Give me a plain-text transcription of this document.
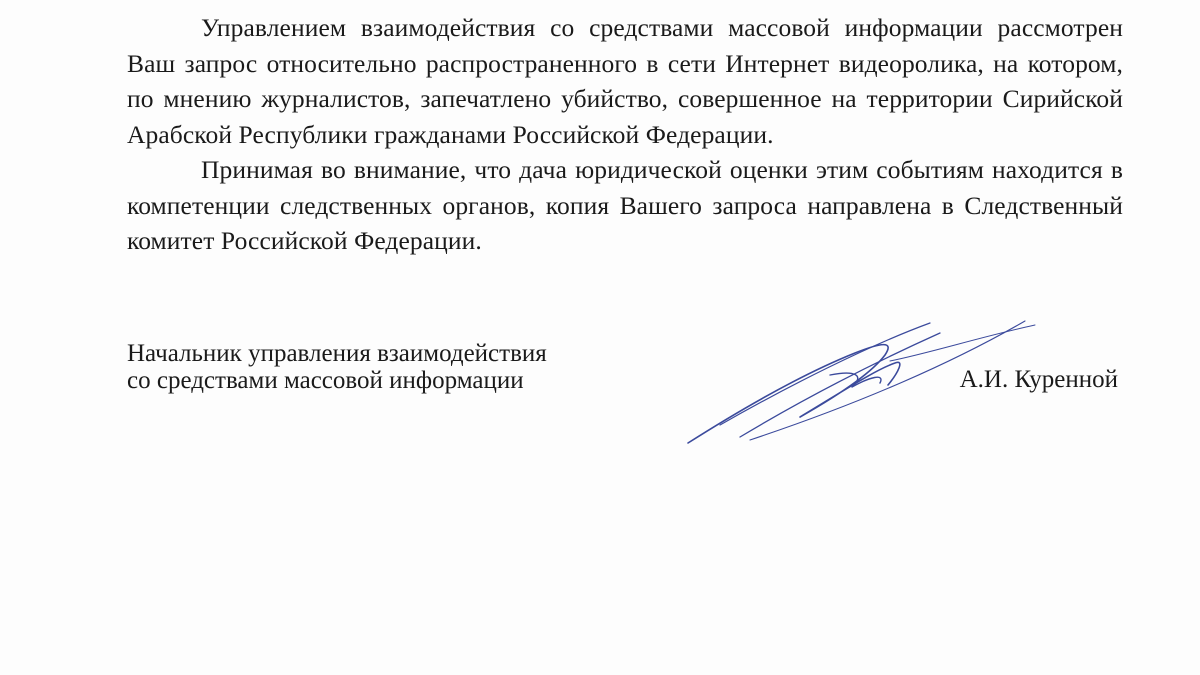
Управлением взаимодействия со средствами массовой информации рассмотрен Ваш запрос относительно распространенного в сети Интернет видеоролика, на котором, по мнению журналистов, запечатлено убийство, совершенное на территории Сирийской Арабской Республики гражданами Российской Федерации.

Принимая во внимание, что дача юридической оценки этим событиям находится в компетенции следственных органов, копия Вашего запроса направлена в Следственный комитет Российской Федерации.

Начальник управления взаимодействия
со средствами массовой информации	А.И. Куренной
